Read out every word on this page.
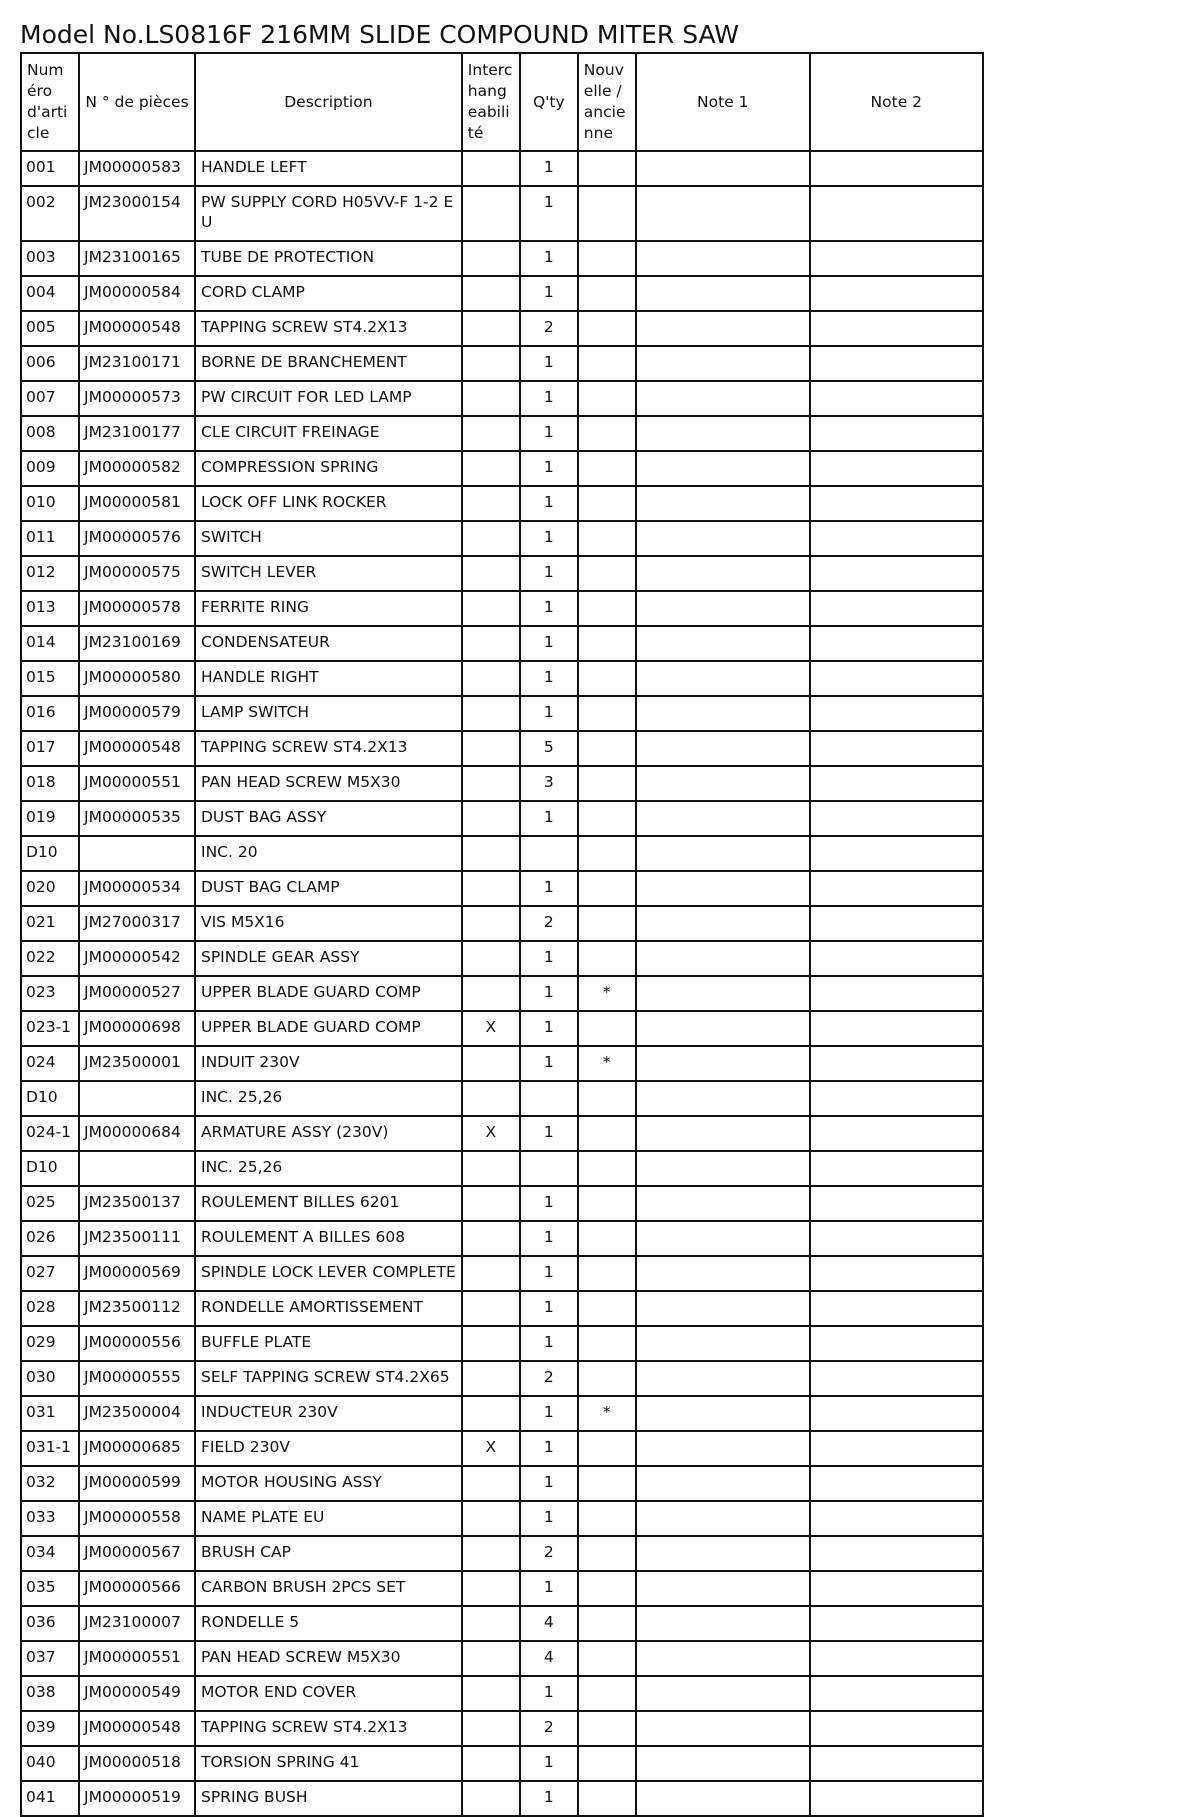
Model No.LS0816F 216MM SLIDE COMPOUND MITER SAW
Numéro d'article	N ° de pièces	Description	Interchangeabilité	Q'ty	Nouvelle / ancienne	Note 1	Note 2
001	JM00000583	HANDLE LEFT		1			
002	JM23000154	PW SUPPLY CORD H05VV-F 1-2 EU		1			
003	JM23100165	TUBE DE PROTECTION		1			
004	JM00000584	CORD CLAMP		1			
005	JM00000548	TAPPING SCREW ST4.2X13		2			
006	JM23100171	BORNE DE BRANCHEMENT		1			
007	JM00000573	PW CIRCUIT FOR LED LAMP		1			
008	JM23100177	CLE CIRCUIT FREINAGE		1			
009	JM00000582	COMPRESSION SPRING		1			
010	JM00000581	LOCK OFF LINK ROCKER		1			
011	JM00000576	SWITCH		1			
012	JM00000575	SWITCH LEVER		1			
013	JM00000578	FERRITE RING		1			
014	JM23100169	CONDENSATEUR		1			
015	JM00000580	HANDLE RIGHT		1			
016	JM00000579	LAMP SWITCH		1			
017	JM00000548	TAPPING SCREW ST4.2X13		5			
018	JM00000551	PAN HEAD SCREW M5X30		3			
019	JM00000535	DUST BAG ASSY		1			
D10		INC. 20					
020	JM00000534	DUST BAG CLAMP		1			
021	JM27000317	VIS M5X16		2			
022	JM00000542	SPINDLE GEAR ASSY		1			
023	JM00000527	UPPER BLADE GUARD COMP		1	*		
023-1	JM00000698	UPPER BLADE GUARD COMP	X	1			
024	JM23500001	INDUIT 230V		1	*		
D10		INC. 25,26					
024-1	JM00000684	ARMATURE ASSY (230V)	X	1			
D10		INC. 25,26					
025	JM23500137	ROULEMENT BILLES 6201		1			
026	JM23500111	ROULEMENT A BILLES 608		1			
027	JM00000569	SPINDLE LOCK LEVER COMPLETE		1			
028	JM23500112	RONDELLE AMORTISSEMENT		1			
029	JM00000556	BUFFLE PLATE		1			
030	JM00000555	SELF TAPPING SCREW ST4.2X65		2			
031	JM23500004	INDUCTEUR 230V		1	*		
031-1	JM00000685	FIELD 230V	X	1			
032	JM00000599	MOTOR HOUSING ASSY		1			
033	JM00000558	NAME PLATE EU		1			
034	JM00000567	BRUSH CAP		2			
035	JM00000566	CARBON BRUSH 2PCS SET		1			
036	JM23100007	RONDELLE 5		4			
037	JM00000551	PAN HEAD SCREW M5X30		4			
038	JM00000549	MOTOR END COVER		1			
039	JM00000548	TAPPING SCREW ST4.2X13		2			
040	JM00000518	TORSION SPRING 41		1			
041	JM00000519	SPRING BUSH		1			
